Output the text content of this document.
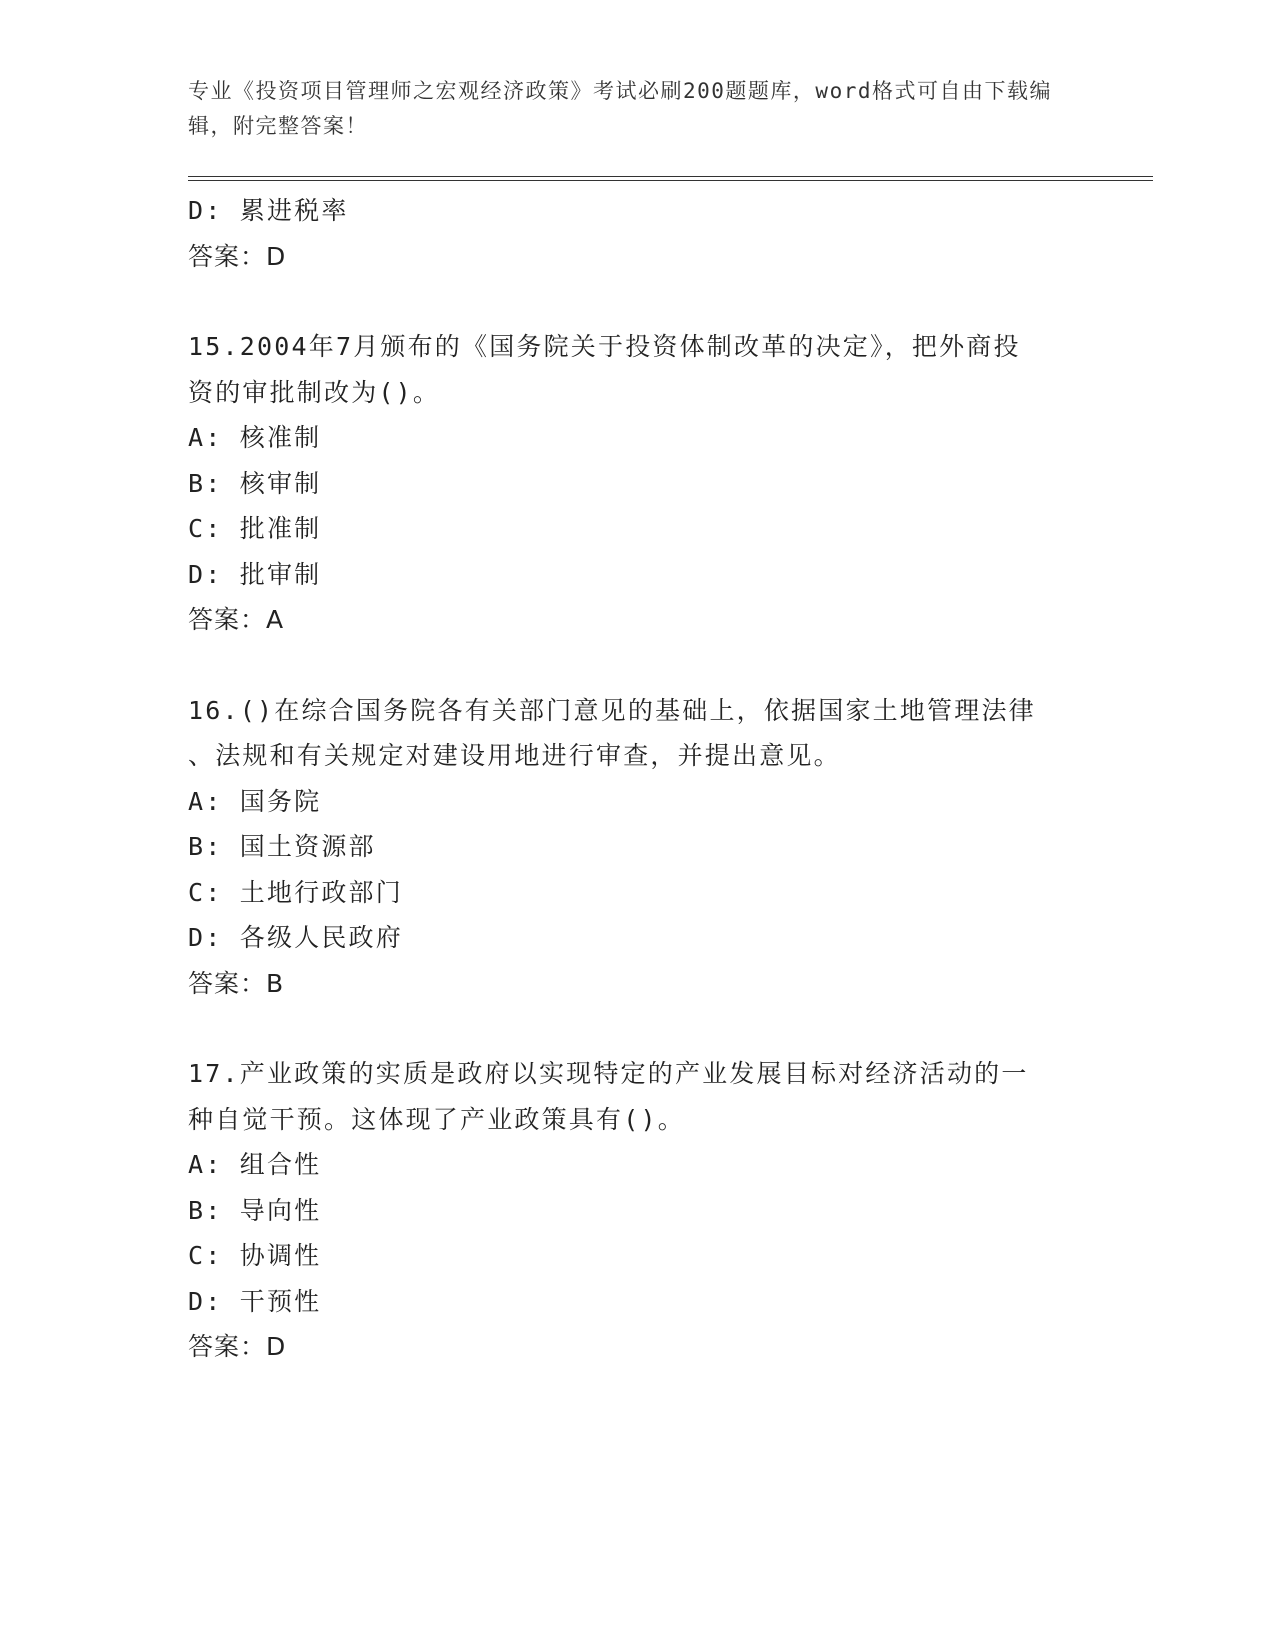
专业《投资项目管理师之宏观经济政策》考试必刷200题题库，word格式可自由下载编辑，附完整答案！
D: 累进税率
答案：D
15.2004年7月颁布的《国务院关于投资体制改革的决定》，把外商投
资的审批制改为()。
A: 核准制
B: 核审制
C: 批准制
D: 批审制
答案：A
16.()在综合国务院各有关部门意见的基础上，依据国家土地管理法律
、法规和有关规定对建设用地进行审查，并提出意见。
A: 国务院
B: 国土资源部
C: 土地行政部门
D: 各级人民政府
答案：B
17.产业政策的实质是政府以实现特定的产业发展目标对经济活动的一
种自觉干预。这体现了产业政策具有()。
A: 组合性
B: 导向性
C: 协调性
D: 干预性
答案：D
